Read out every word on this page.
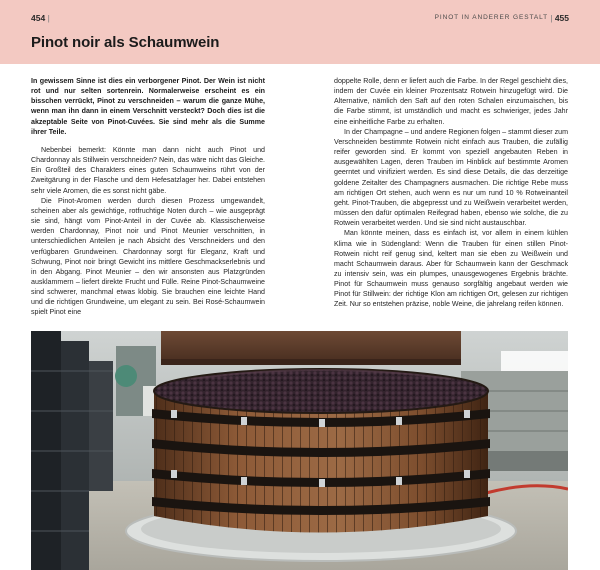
454 |	PINOT IN ANDERER GESTALT | 455
Pinot noir als Schaumwein

In gewissem Sinne ist dies ein verborgener Pinot. Der Wein ist nicht rot und nur selten sortenrein. Normalerweise erscheint es ein bisschen verrückt, Pinot zu verschneiden – warum die ganze Mühe, wenn man ihn dann in einem Verschnitt versteckt? Doch dies ist die akzeptable Seite von Pinot-Cuvées. Sie sind mehr als die Summe ihrer Teile.

Nebenbei bemerkt: Könnte man dann nicht auch Pinot und Chardonnay als Stillwein verschneiden? Nein, das wäre nicht das Gleiche. Ein Großteil des Charakters eines guten Schaumweins rührt von der Zweitgärung in der Flasche und dem Hefesatzlager her. Dabei entstehen sehr viele Aromen, die es sonst nicht gäbe.

Die Pinot-Aromen werden durch diesen Prozess umgewandelt, scheinen aber als gewichtige, rotfruchtige Noten durch – wie ausgeprägt sie sind, hängt vom Pinot-Anteil in der Cuvée ab. Klassischerweise werden Chardonnay, Pinot noir und Pinot Meunier verschnitten, in unterschiedlichen Anteilen je nach Absicht des Verschneiders und den verfügbaren Grundweinen. Chardonnay sorgt für Eleganz, Kraft und Schwung, Pinot noir bringt Gewicht ins mittlere Geschmackserlebnis und in den Abgang. Pinot Meunier – den wir ansonsten aus Platzgründen ausklammern – liefert direkte Frucht und Fülle. Reine Pinot-Schaumweine sind schwerer, manchmal etwas klobig. Sie brauchen eine leichte Hand und die richtigen Grundweine, um elegant zu sein. Bei Rosé-Schaumwein spielt Pinot eine

doppelte Rolle, denn er liefert auch die Farbe. In der Regel geschieht dies, indem der Cuvée ein kleiner Prozentsatz Rotwein hinzugefügt wird. Die Alternative, nämlich den Saft auf den roten Schalen einzumaischen, bis die Farbe stimmt, ist umständlich und macht es schwieriger, jedes Jahr eine einheitliche Farbe zu erhalten.

In der Champagne – und andere Regionen folgen – stammt dieser zum Verschneiden bestimmte Rotwein nicht einfach aus Trauben, die zufällig reifer geworden sind. Er kommt von speziell angebauten Reben in ausgewählten Lagen, deren Trauben im Hinblick auf bestimmte Aromen geerntet und vinifiziert werden. Es sind diese Details, die das derzeitige goldene Zeitalter des Champagners ausmachen. Die richtige Rebe muss am richtigen Ort stehen, auch wenn es nur um rund 10 % Rotweinanteil geht. Pinot-Trauben, die abgepresst und zu Weißwein verarbeitet werden, müssen den dafür optimalen Reifegrad haben, ebenso wie solche, die zu Rotwein verarbeitet werden. Und sie sind nicht austauschbar.

Man könnte meinen, dass es einfach ist, vor allem in einem kühlen Klima wie in Südengland: Wenn die Trauben für einen stillen Pinot-Rotwein nicht reif genug sind, keltert man sie eben zu Weißwein und macht Schaumwein daraus. Aber für Schaumwein kann der Geschmack zu intensiv sein, was ein plumpes, unausgewogenes Ergebnis brächte. Pinot für Schaumwein muss genauso sorgfältig angebaut werden wie Pinot für Stillwein: der richtige Klon am richtigen Ort, gelesen zur richtigen Zeit. Nur so entstehen präzise, noble Weine, die jahrelang reifen können.
